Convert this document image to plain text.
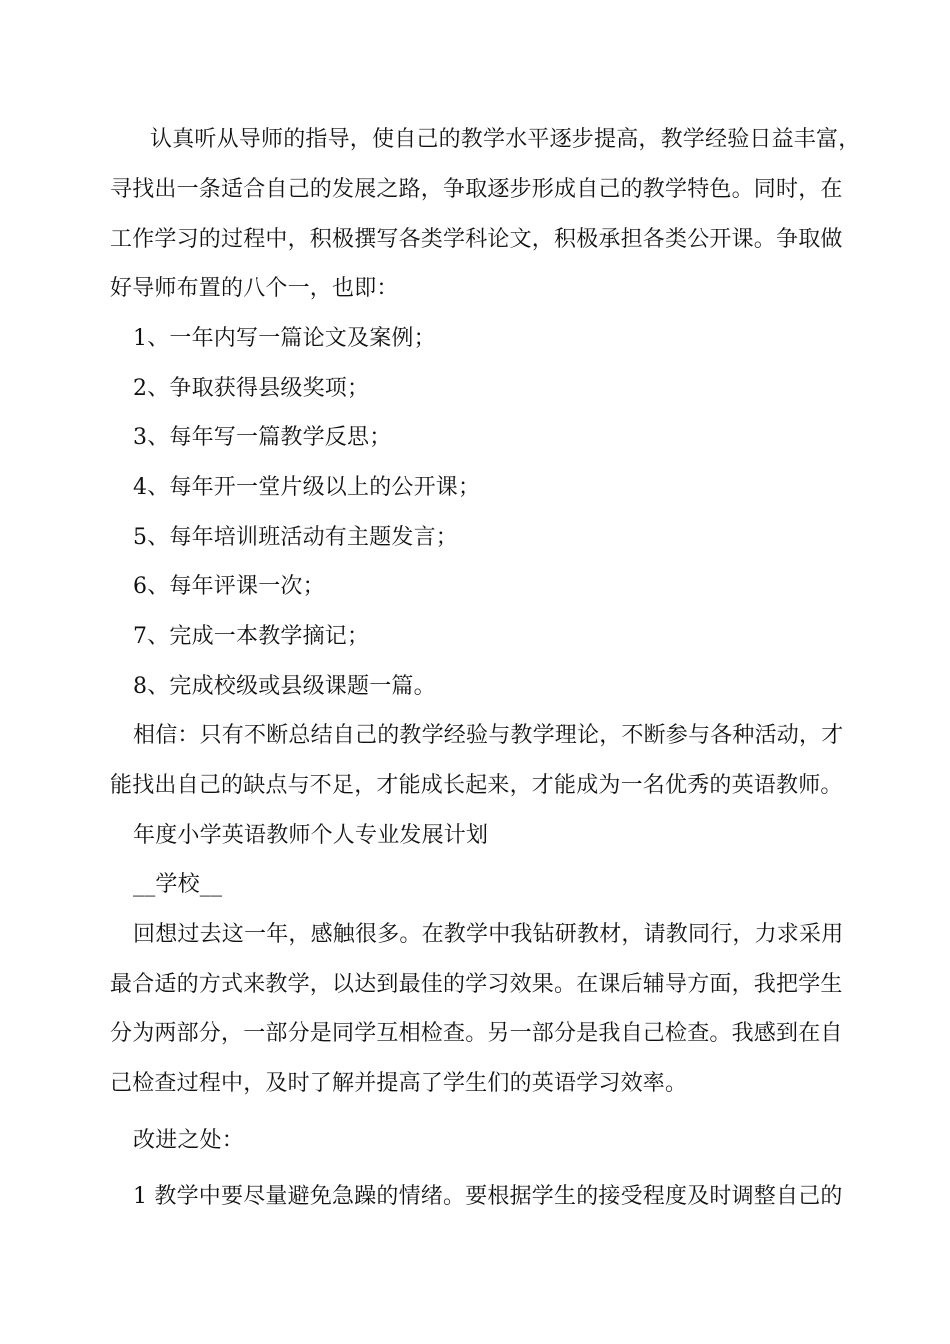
认真听从导师的指导，使自己的教学水平逐步提高，教学经验日益丰富，
寻找出一条适合自己的发展之路，争取逐步形成自己的教学特色。同时，在
工作学习的过程中，积极撰写各类学科论文，积极承担各类公开课。争取做
好导师布置的八个一，也即：
1、一年内写一篇论文及案例；
2、争取获得县级奖项；
3、每年写一篇教学反思；
4、每年开一堂片级以上的公开课；
5、每年培训班活动有主题发言；
6、每年评课一次；
7、完成一本教学摘记；
8、完成校级或县级课题一篇。
相信：只有不断总结自己的教学经验与教学理论，不断参与各种活动，才
能找出自己的缺点与不足，才能成长起来，才能成为一名优秀的英语教师。
年度小学英语教师个人专业发展计划
__学校__
回想过去这一年，感触很多。在教学中我钻研教材，请教同行，力求采用
最合适的方式来教学，以达到最佳的学习效果。在课后辅导方面，我把学生
分为两部分，一部分是同学互相检查。另一部分是我自己检查。我感到在自
己检查过程中，及时了解并提高了学生们的英语学习效率。
改进之处：
1 教学中要尽量避免急躁的情绪。要根据学生的接受程度及时调整自己的
